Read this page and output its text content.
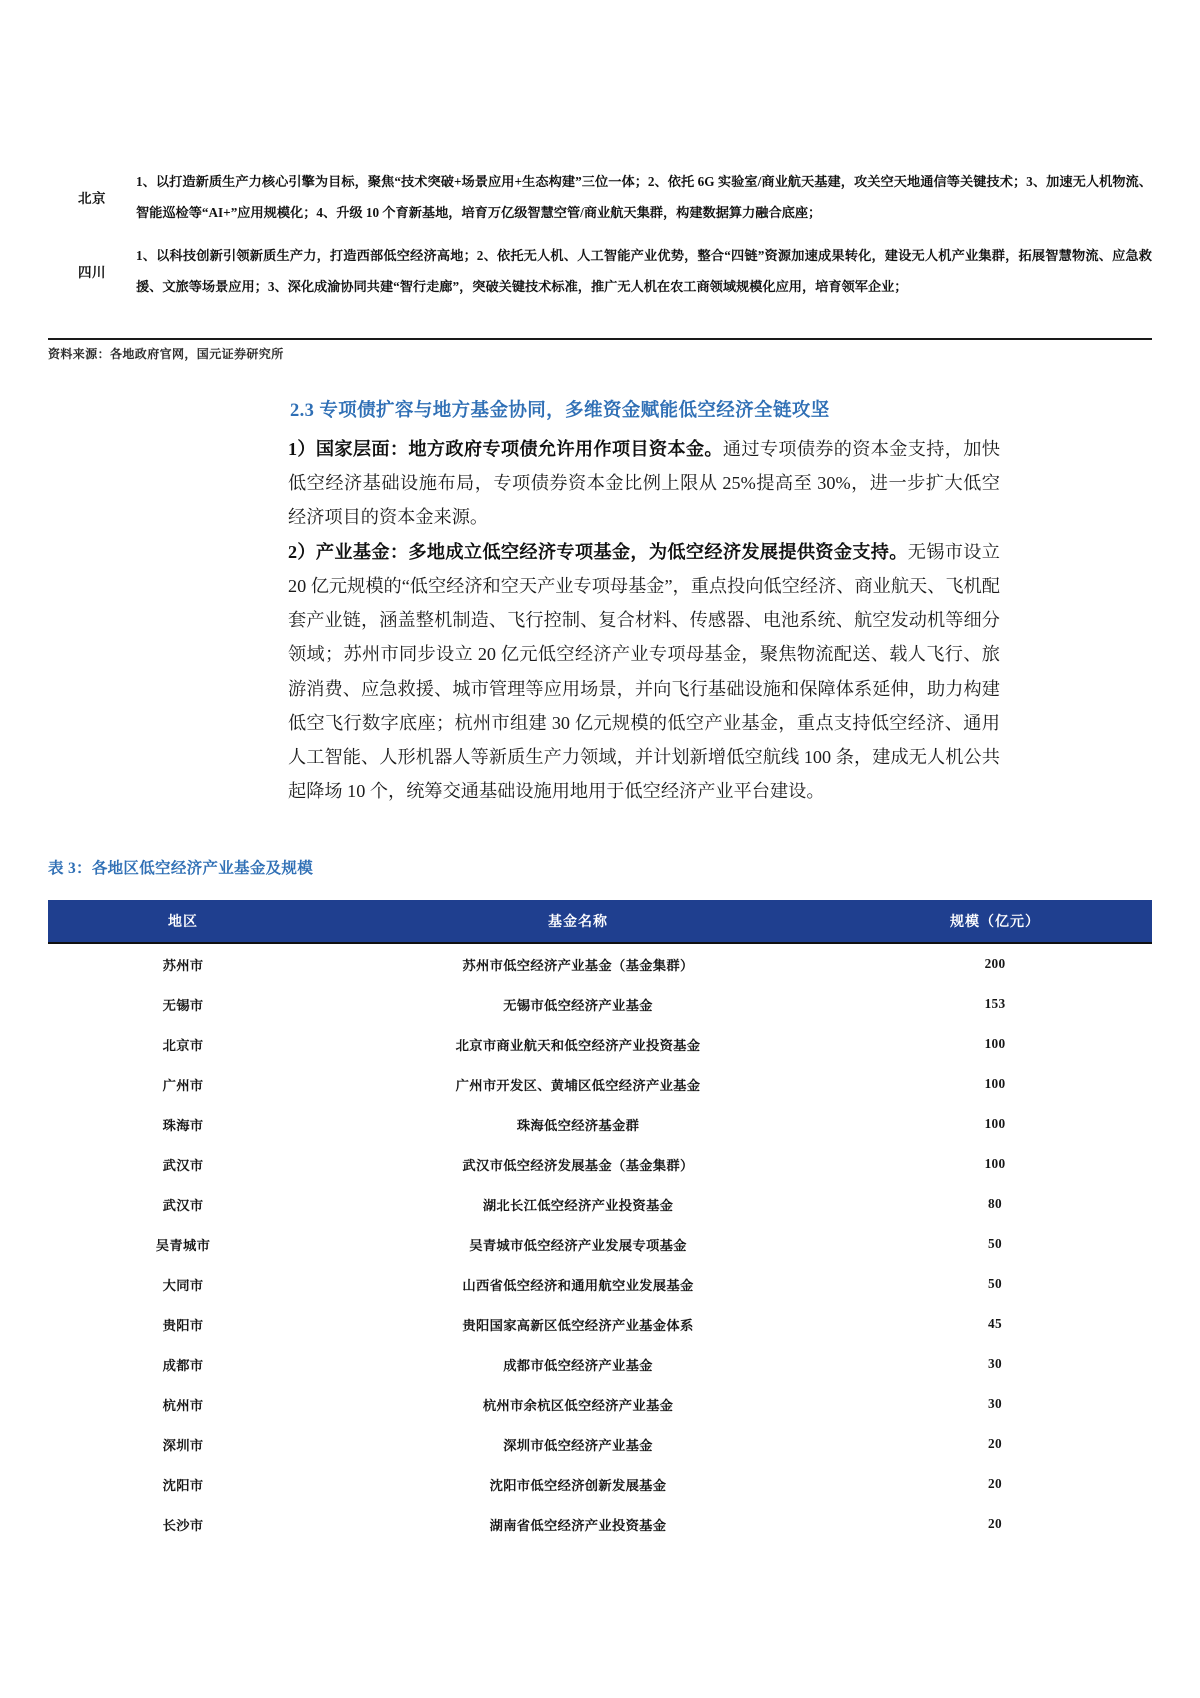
北京	1、以打造新质生产力核心引擎为目标，聚焦“技术突破+场景应用+生态构建”三位一体；2、依托 6G 实验室/商业航天基建，攻关空天地通信等关键技术；3、加速无人机物流、智能巡检等“AI+”应用规模化；4、升级 10 个育新基地，培育万亿级智慧空管/商业航天集群，构建数据算力融合底座；
四川	1、以科技创新引领新质生产力，打造西部低空经济高地；2、依托无人机、人工智能产业优势，整合“四链”资源加速成果转化，建设无人机产业集群，拓展智慧物流、应急救援、文旅等场景应用；3、深化成渝协同共建“智行走廊”，突破关键技术标准，推广无人机在农工商领域规模化应用，培育领军企业；
资料来源：各地政府官网，国元证券研究所
2.3 专项债扩容与地方基金协同，多维资金赋能低空经济全链攻坚

1）国家层面：地方政府专项债允许用作项目资本金。通过专项债券的资本金支持，加快低空经济基础设施布局，专项债券资本金比例上限从 25%提高至 30%，进一步扩大低空经济项目的资本金来源。

2）产业基金：多地成立低空经济专项基金，为低空经济发展提供资金支持。无锡市设立 20 亿元规模的“低空经济和空天产业专项母基金”，重点投向低空经济、商业航天、飞机配套产业链，涵盖整机制造、飞行控制、复合材料、传感器、电池系统、航空发动机等细分领域；苏州市同步设立 20 亿元低空经济产业专项母基金，聚焦物流配送、载人飞行、旅游消费、应急救援、城市管理等应用场景，并向飞行基础设施和保障体系延伸，助力构建低空飞行数字底座；杭州市组建 30 亿元规模的低空产业基金，重点支持低空经济、通用人工智能、人形机器人等新质生产力领域，并计划新增低空航线 100 条，建成无人机公共起降场 10 个，统筹交通基础设施用地用于低空经济产业平台建设。

表 3：各地区低空经济产业基金及规模
地区	基金名称	规模（亿元）
苏州市	苏州市低空经济产业基金（基金集群）	200
无锡市	无锡市低空经济产业基金	153
北京市	北京市商业航天和低空经济产业投资基金	100
广州市	广州市开发区、黄埔区低空经济产业基金	100
珠海市	珠海低空经济基金群	100
武汉市	武汉市低空经济发展基金（基金集群）	100
武汉市	湖北长江低空经济产业投资基金	80
吴青城市	吴青城市低空经济产业发展专项基金	50
大同市	山西省低空经济和通用航空业发展基金	50
贵阳市	贵阳国家高新区低空经济产业基金体系	45
成都市	成都市低空经济产业基金	30
杭州市	杭州市余杭区低空经济产业基金	30
深圳市	深圳市低空经济产业基金	20
沈阳市	沈阳市低空经济创新发展基金	20
长沙市	湖南省低空经济产业投资基金	20
